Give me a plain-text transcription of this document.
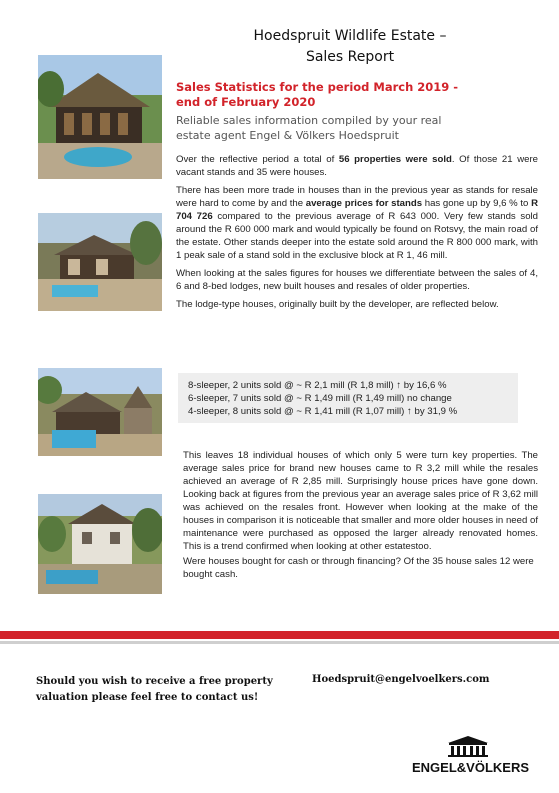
Hoedspruit Wildlife Estate –
Sales Report
Sales Statistics for the period March 2019 -
end of February 2020
Reliable sales information compiled by your real
estate agent Engel & Völkers Hoedspruit

Over the reflective period a total of 56 properties were sold. Of those 21 were vacant stands and 35 were houses.

There has been more trade in houses than in the previous year as stands for resale were hard to come by and the average prices for stands has gone up by 9,6 % to R 704 726 compared to the previous average of R 643 000. Very few stands sold around the R 600 000 mark and would typically be found on Rotsvy, the main road of the estate. Other stands deeper into the estate sold around the R 800 000 mark, with 1 peak sale of a stand sold in the exclusive block at R 1, 46 mill.

When looking at the sales figures for houses we differentiate between the sales of 4, 6 and 8-bed lodges, new built houses and resales of older properties.

The lodge-type houses, originally built by the developer, are reflected below.

8-sleeper, 2 units sold @ ~ R 2,1 mill (R 1,8 mill) ↑ by 16,6 %
6-sleeper, 7 units sold @ ~ R 1,49 mill (R 1,49 mill) no change
4-sleeper, 8 units sold @ ~ R 1,41 mill (R 1,07 mill) ↑ by 31,9 %

This leaves 18 individual houses of which only 5 were turn key properties. The average sales price for brand new houses came to R 3,2 mill while the resales achieved an average of R 2,85 mill. Surprisingly house prices have gone down. Looking back at figures from the previous year an average sales price of R 3,62 mill was achieved on the resales front. However when looking at the make of the houses in comparison it is noticeable that smaller and more older houses in need of maintenance were purchased as opposed the larger already renovated homes. This is a trend confirmed when looking at other estatestoo.

Were houses bought for cash or through financing? Of the 35 house sales 12 were bought cash.

Should you wish to receive a free property
valuation please feel free to contact us!
Hoedspruit@engelvoelkers.com
ENGEL&VÖLKERS
